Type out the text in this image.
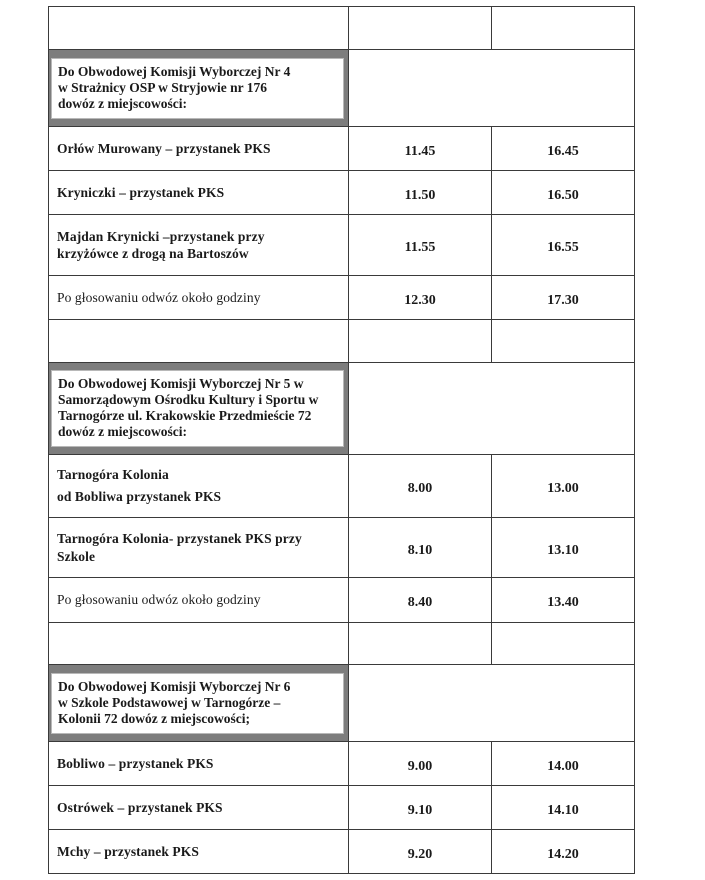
Do Obwodowej Komisji Wyborczej Nr 4
w Strażnicy OSP w Stryjowie nr 176
dowóz z miejscowości:		

Orłów Murowany – przystanek PKS	11.45	16.45

Kryniczki – przystanek PKS	11.50	16.50

Majdan Krynicki –przystanek przy
krzyżówce z drogą na Bartoszów	11.55	16.55

Po głosowaniu odwóz około godziny	12.30	17.30

Do Obwodowej Komisji Wyborczej Nr 5 w
Samorządowym Ośrodku Kultury i Sportu w
Tarnogórze ul. Krakowskie Przedmieście 72
dowóz z miejscowości:		

Tarnogóra Kolonia
od Bobliwa przystanek PKS	8.00	13.00

Tarnogóra Kolonia- przystanek PKS przy
Szkole	8.10	13.10

Po głosowaniu odwóz około godziny	8.40	13.40

Do Obwodowej Komisji Wyborczej Nr 6
w Szkole Podstawowej w Tarnogórze –
Kolonii 72 dowóz z miejscowości;		

Bobliwo – przystanek PKS	9.00	14.00

Ostrówek – przystanek PKS	9.10	14.10

Mchy – przystanek PKS	9.20	14.20
